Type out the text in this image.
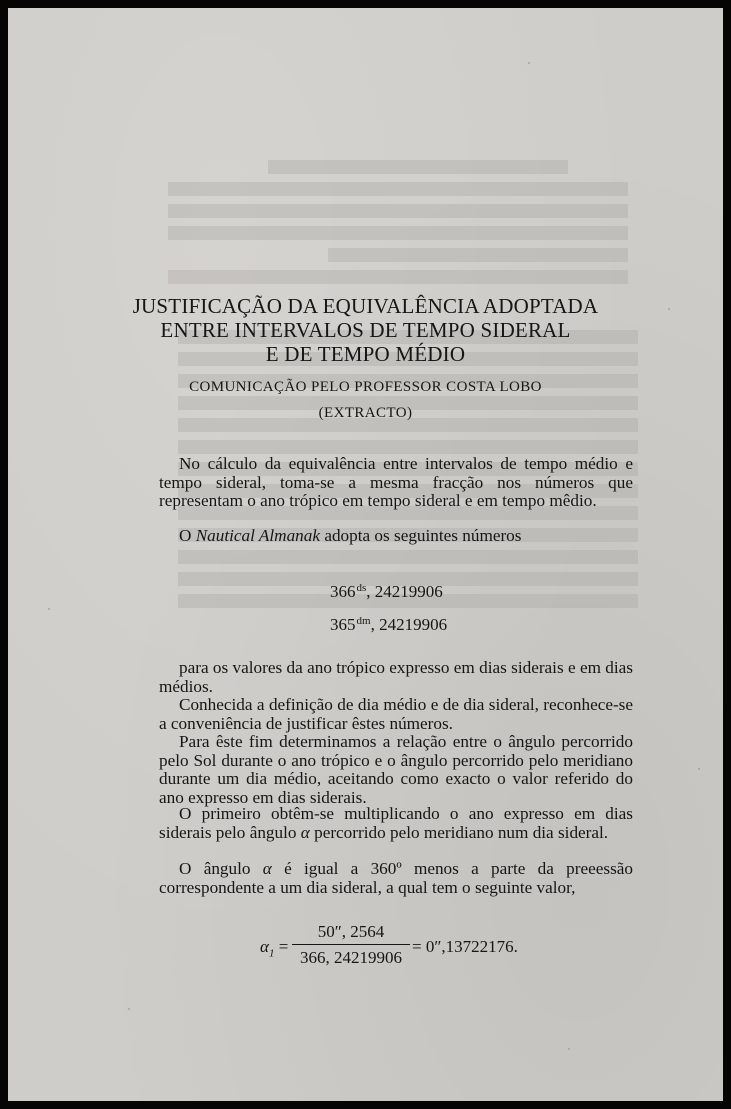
JUSTIFICAÇÃO DA EQUIVALÊNCIA ADOPTADA
ENTRE INTERVALOS DE TEMPO SIDERAL
E DE TEMPO MÉDIO
COMUNICAÇÃO PELO PROFESSOR COSTA LOBO
(EXTRACTO)
No cálculo da equivalência entre intervalos de tempo médio e tempo sideral, toma-se a mesma fracção nos números que representam o ano trópico em tempo sideral e em tempo mêdio.
O Nautical Almanak adopta os seguintes números
$366^{ds}$, 24219906
$365^{dm}$, 24219906
para os valores da ano trópico expresso em dias siderais e em dias médios.
Conhecida a definição de dia médio e de dia sideral, reconhece-se a conveniência de justificar êstes números.
Para êste fim determinamos a relação entre o ângulo percorrido pelo Sol durante o ano trópico e o ângulo percorrido pelo meridiano durante um dia médio, aceitando como exacto o valor referido do ano expresso em dias siderais.
O primeiro obtêm-se multiplicando o ano expresso em dias siderais pelo ângulo α percorrido pelo meridiano num dia sideral.
O ângulo α é igual a 360º menos a parte da preeessão correspondente a um dia sideral, a qual tem o seguinte valor,
$\alpha_1$ =
50″, 2564
366, 24219906
= 0″,13722176.
